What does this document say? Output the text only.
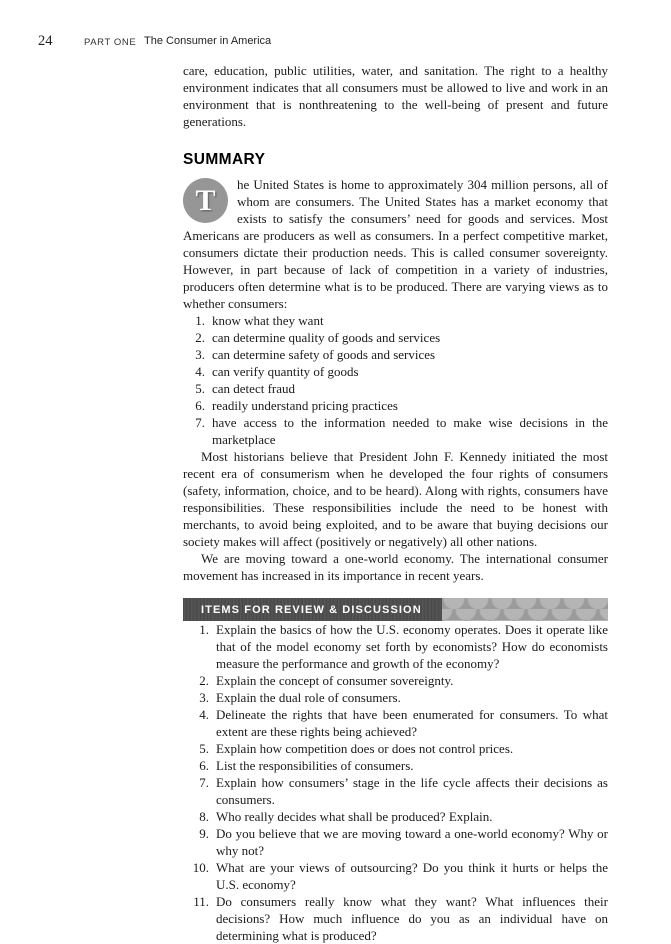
24	PART ONE The Consumer in America

care, education, public utilities, water, and sanitation. The right to a healthy environment indicates that all consumers must be allowed to live and work in an environment that is nonthreatening to the well-being of present and future generations.

SUMMARY
T	he United States is home to approximately 304 million persons, all of whom are consumers. The United States has a market economy that exists to satisfy the consumers’ need for goods and services. Most Americans are producers as well as consumers. In a perfect competitive market, consumers dictate their production needs. This is called consumer sovereignty. However, in part because of lack of competition in a variety of industries, producers often determine what is to be produced. There are varying views as to whether consumers:

1. know what they want
2. can determine quality of goods and services
3. can determine safety of goods and services
4. can verify quantity of goods
5. can detect fraud
6. readily understand pricing practices
7. have access to the information needed to make wise decisions in the marketplace

Most historians believe that President John F. Kennedy initiated the most recent era of consumerism when he developed the four rights of consumers (safety, information, choice, and to be heard). Along with rights, consumers have responsibilities. These responsibilities include the need to be honest with merchants, to avoid being exploited, and to be aware that buying decisions our society makes will affect (positively or negatively) all other nations.

We are moving toward a one-world economy. The international consumer movement has increased in its importance in recent years.

ITEMS FOR REVIEW & DISCUSSION
1. Explain the basics of how the U.S. economy operates. Does it operate like that of the model economy set forth by economists? How do economists measure the performance and growth of the economy?
2. Explain the concept of consumer sovereignty.
3. Explain the dual role of consumers.
4. Delineate the rights that have been enumerated for consumers. To what extent are these rights being achieved?
5. Explain how competition does or does not control prices.
6. List the responsibilities of consumers.
7. Explain how consumers’ stage in the life cycle affects their decisions as consumers.
8. Who really decides what shall be produced? Explain.
9. Do you believe that we are moving toward a one-world economy? Why or why not?
10. What are your views of outsourcing? Do you think it hurts or helps the U.S. economy?
11. Do consumers really know what they want? What influences their decisions? How much influence do you as an individual have on determining what is produced?
